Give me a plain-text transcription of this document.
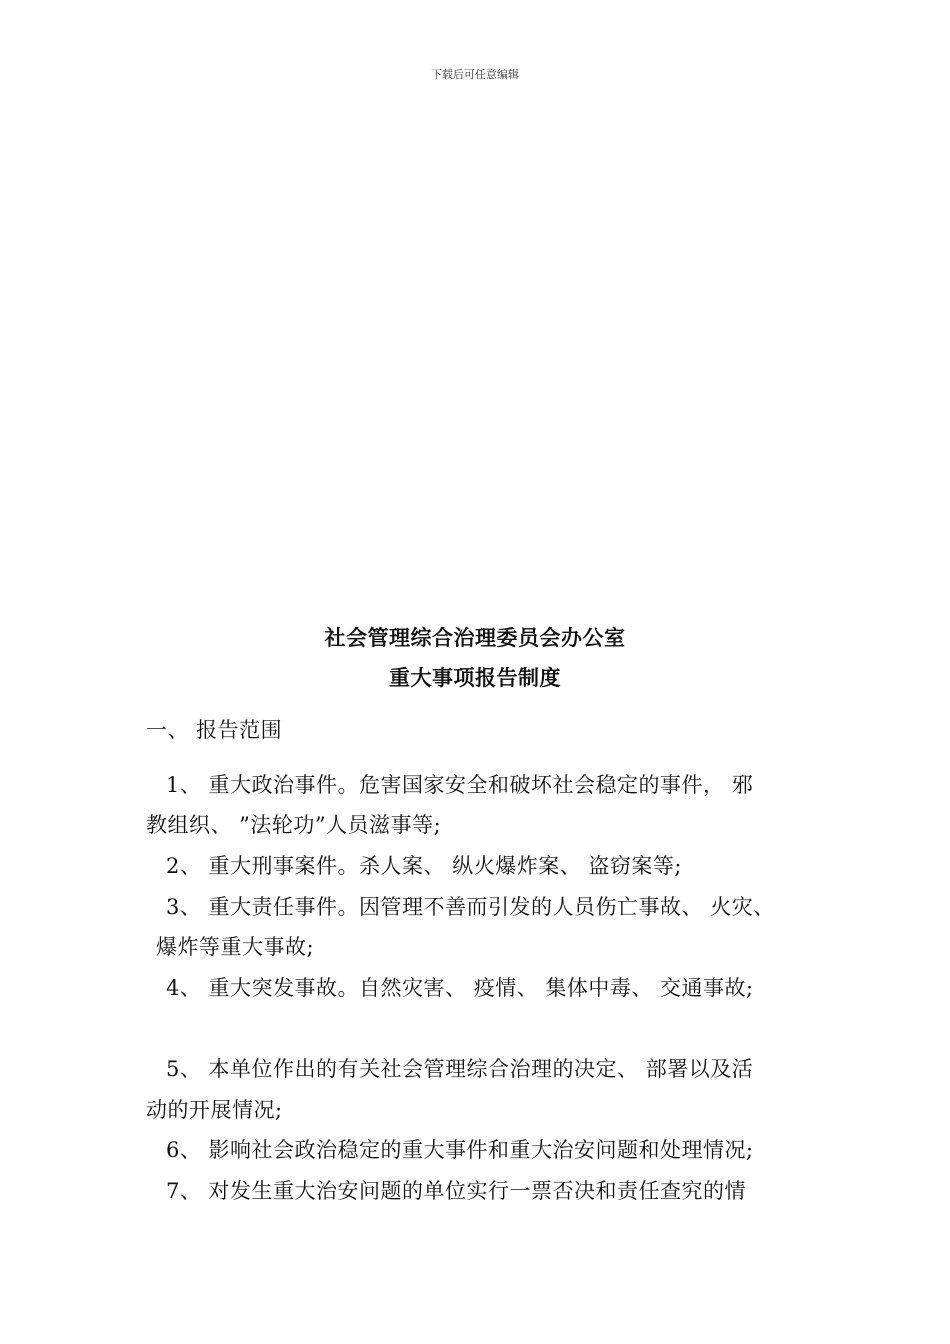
下载后可任意编辑
社会管理综合治理委员会办公室
重大事项报告制度
一、 报告范围
1、 重大政治事件。危害国家安全和破坏社会稳定的事件， 邪
教组织、 ”法轮功”人员滋事等;
2、 重大刑事案件。杀人案、 纵火爆炸案、 盗窃案等;
3、 重大责任事件。因管理不善而引发的人员伤亡事故、 火灾、
爆炸等重大事故;
4、 重大突发事故。自然灾害、 疫情、 集体中毒、 交通事故;
5、 本单位作出的有关社会管理综合治理的决定、 部署以及活
动的开展情况;
6、 影响社会政治稳定的重大事件和重大治安问题和处理情况;
7、 对发生重大治安问题的单位实行一票否决和责任查究的情
